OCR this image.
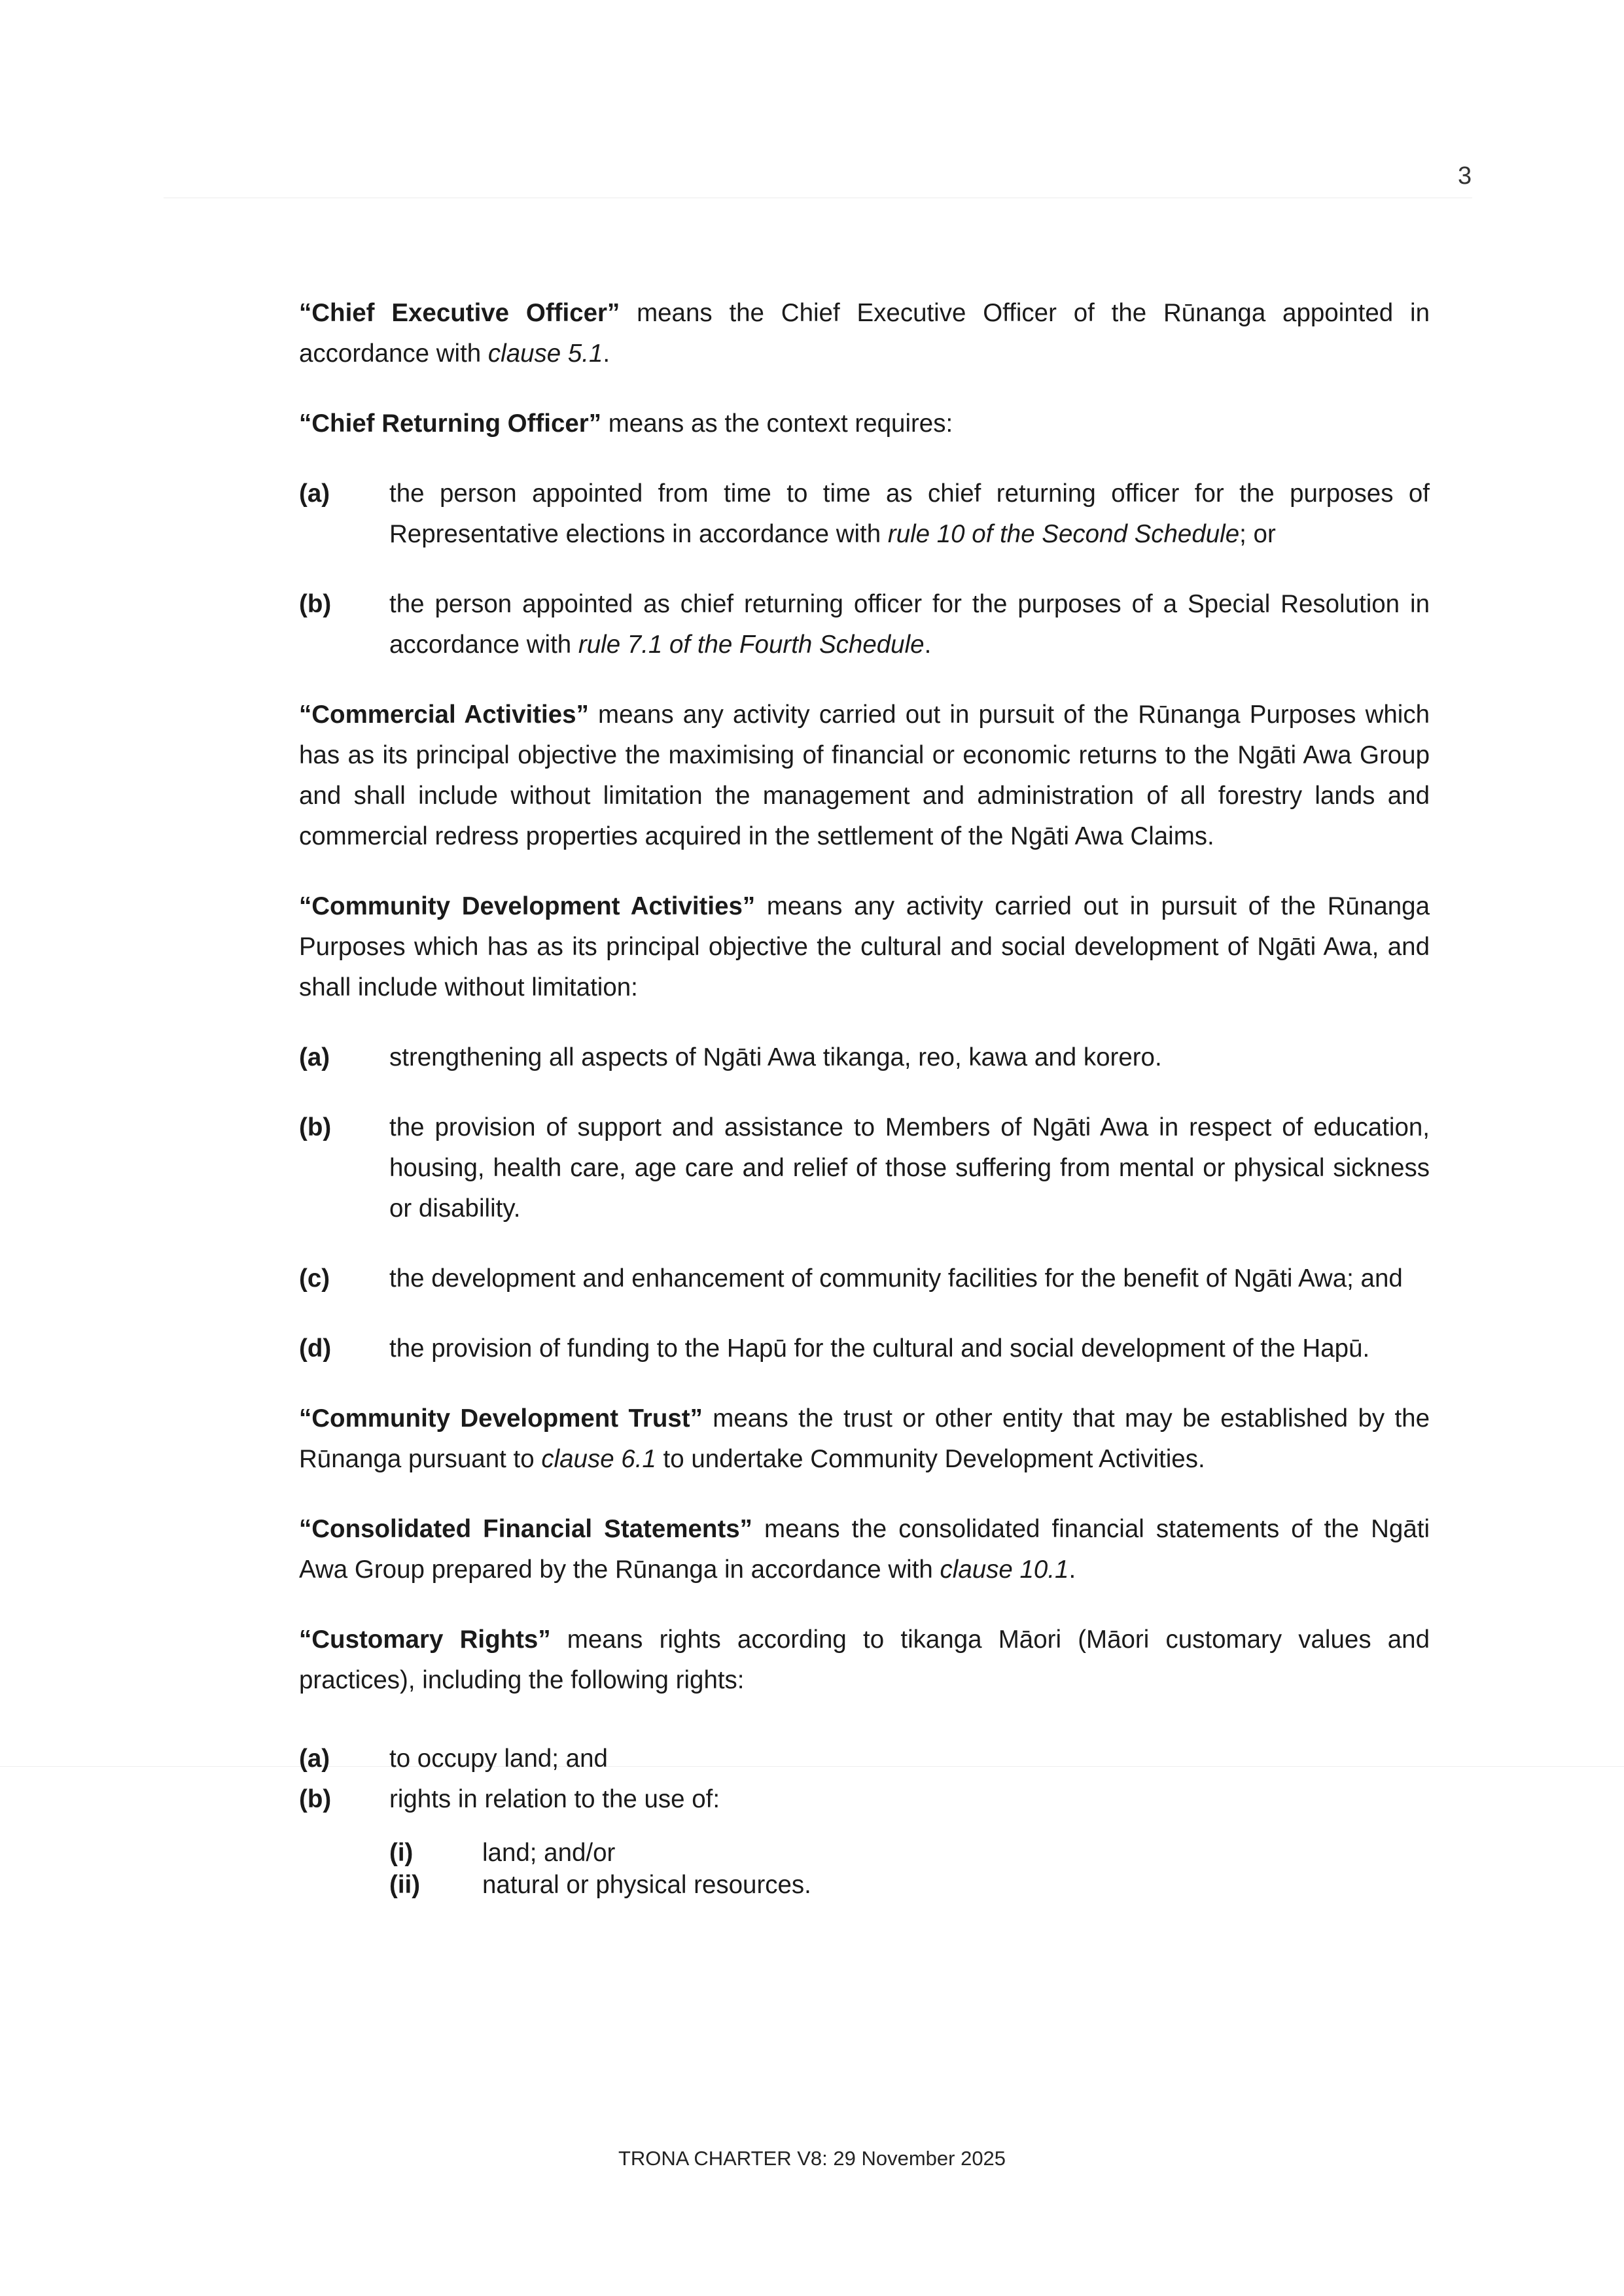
3

“Chief Executive Officer” means the Chief Executive Officer of the Rūnanga appointed in accordance with clause 5.1.

“Chief Returning Officer” means as the context requires:

(a) the person appointed from time to time as chief returning officer for the purposes of Representative elections in accordance with rule 10 of the Second Schedule; or
(b) the person appointed as chief returning officer for the purposes of a Special Resolution in accordance with rule 7.1 of the Fourth Schedule.

“Commercial Activities” means any activity carried out in pursuit of the Rūnanga Purposes which has as its principal objective the maximising of financial or economic returns to the Ngāti Awa Group and shall include without limitation the management and administration of all forestry lands and commercial redress properties acquired in the settlement of the Ngāti Awa Claims.

“Community Development Activities” means any activity carried out in pursuit of the Rūnanga Purposes which has as its principal objective the cultural and social development of Ngāti Awa, and shall include without limitation:

(a) strengthening all aspects of Ngāti Awa tikanga, reo, kawa and korero.
(b) the provision of support and assistance to Members of Ngāti Awa in respect of education, housing, health care, age care and relief of those suffering from mental or physical sickness or disability.
(c) the development and enhancement of community facilities for the benefit of Ngāti Awa; and
(d) the provision of funding to the Hapū for the cultural and social development of the Hapū.

“Community Development Trust” means the trust or other entity that may be established by the Rūnanga pursuant to clause 6.1 to undertake Community Development Activities.

“Consolidated Financial Statements” means the consolidated financial statements of the Ngāti Awa Group prepared by the Rūnanga in accordance with clause 10.1.

“Customary Rights” means rights according to tikanga Māori (Māori customary values and practices), including the following rights:

(a) to occupy land; and
(b) rights in relation to the use of:
(i)	land; and/or
(ii) natural or physical resources.
TRONA CHARTER V8: 29 November 2025
